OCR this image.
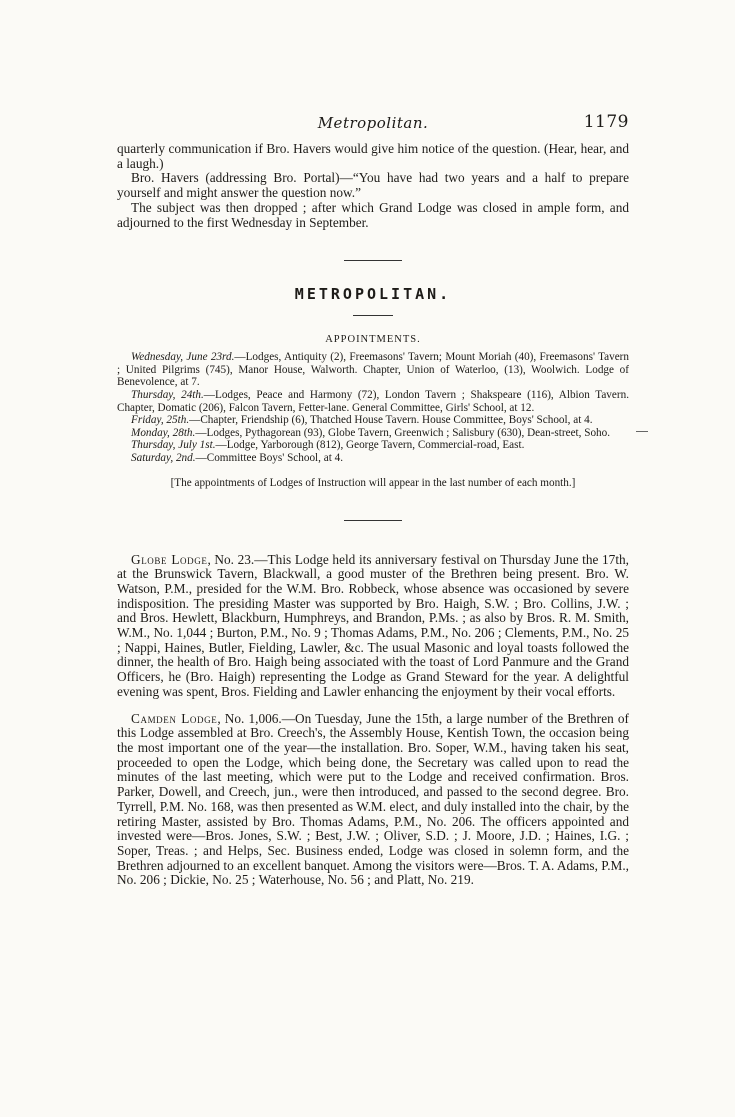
Metropolitan.	1179

quarterly communication if Bro. Havers would give him notice of the question. (Hear, hear, and a laugh.)

Bro. Havers (addressing Bro. Portal)—“You have had two years and a half to prepare yourself and might answer the question now.”

The subject was then dropped ; after which Grand Lodge was closed in ample form, and adjourned to the first Wednesday in September.

METROPOLITAN.
APPOINTMENTS.

Wednesday, June 23rd.—Lodges, Antiquity (2), Freemasons' Tavern; Mount Moriah (40), Freemasons' Tavern ; United Pilgrims (745), Manor House, Walworth. Chapter, Union of Waterloo, (13), Woolwich. Lodge of Benevolence, at 7.

Thursday, 24th.—Lodges, Peace and Harmony (72), London Tavern ; Shakspeare (116), Albion Tavern. Chapter, Domatic (206), Falcon Tavern, Fetter-lane. General Committee, Girls' School, at 12.

Friday, 25th.—Chapter, Friendship (6), Thatched House Tavern. House Committee, Boys' School, at 4.

Monday, 28th.—Lodges, Pythagorean (93), Globe Tavern, Greenwich ; Salisbury (630), Dean-street, Soho.

Thursday, July 1st.—Lodge, Yarborough (812), George Tavern, Commercial-road, East.

Saturday, 2nd.—Committee Boys' School, at 4.

[The appointments of Lodges of Instruction will appear in the last number of each month.]

Globe Lodge, No. 23.—This Lodge held its anniversary festival on Thursday June the 17th, at the Brunswick Tavern, Blackwall, a good muster of the Brethren being present. Bro. W. Watson, P.M., presided for the W.M. Bro. Robbeck, whose absence was occasioned by severe indisposition. The presiding Master was supported by Bro. Haigh, S.W. ; Bro. Collins, J.W. ; and Bros. Hewlett, Blackburn, Humphreys, and Brandon, P.Ms. ; as also by Bros. R. M. Smith, W.M., No. 1,044 ; Burton, P.M., No. 9 ; Thomas Adams, P.M., No. 206 ; Clements, P.M., No. 25 ; Nappi, Haines, Butler, Fielding, Lawler, &c. The usual Masonic and loyal toasts followed the dinner, the health of Bro. Haigh being associated with the toast of Lord Panmure and the Grand Officers, he (Bro. Haigh) representing the Lodge as Grand Steward for the year. A delightful evening was spent, Bros. Fielding and Lawler enhancing the enjoyment by their vocal efforts.

Camden Lodge, No. 1,006.—On Tuesday, June the 15th, a large number of the Brethren of this Lodge assembled at Bro. Creech's, the Assembly House, Kentish Town, the occasion being the most important one of the year—the installation. Bro. Soper, W.M., having taken his seat, proceeded to open the Lodge, which being done, the Secretary was called upon to read the minutes of the last meeting, which were put to the Lodge and received confirmation. Bros. Parker, Dowell, and Creech, jun., were then introduced, and passed to the second degree. Bro. Tyrrell, P.M. No. 168, was then presented as W.M. elect, and duly installed into the chair, by the retiring Master, assisted by Bro. Thomas Adams, P.M., No. 206. The officers appointed and invested were—Bros. Jones, S.W. ; Best, J.W. ; Oliver, S.D. ; J. Moore, J.D. ; Haines, I.G. ; Soper, Treas. ; and Helps, Sec. Business ended, Lodge was closed in solemn form, and the Brethren adjourned to an excellent banquet. Among the visitors were—Bros. T. A. Adams, P.M., No. 206 ; Dickie, No. 25 ; Waterhouse, No. 56 ; and Platt, No. 219.
